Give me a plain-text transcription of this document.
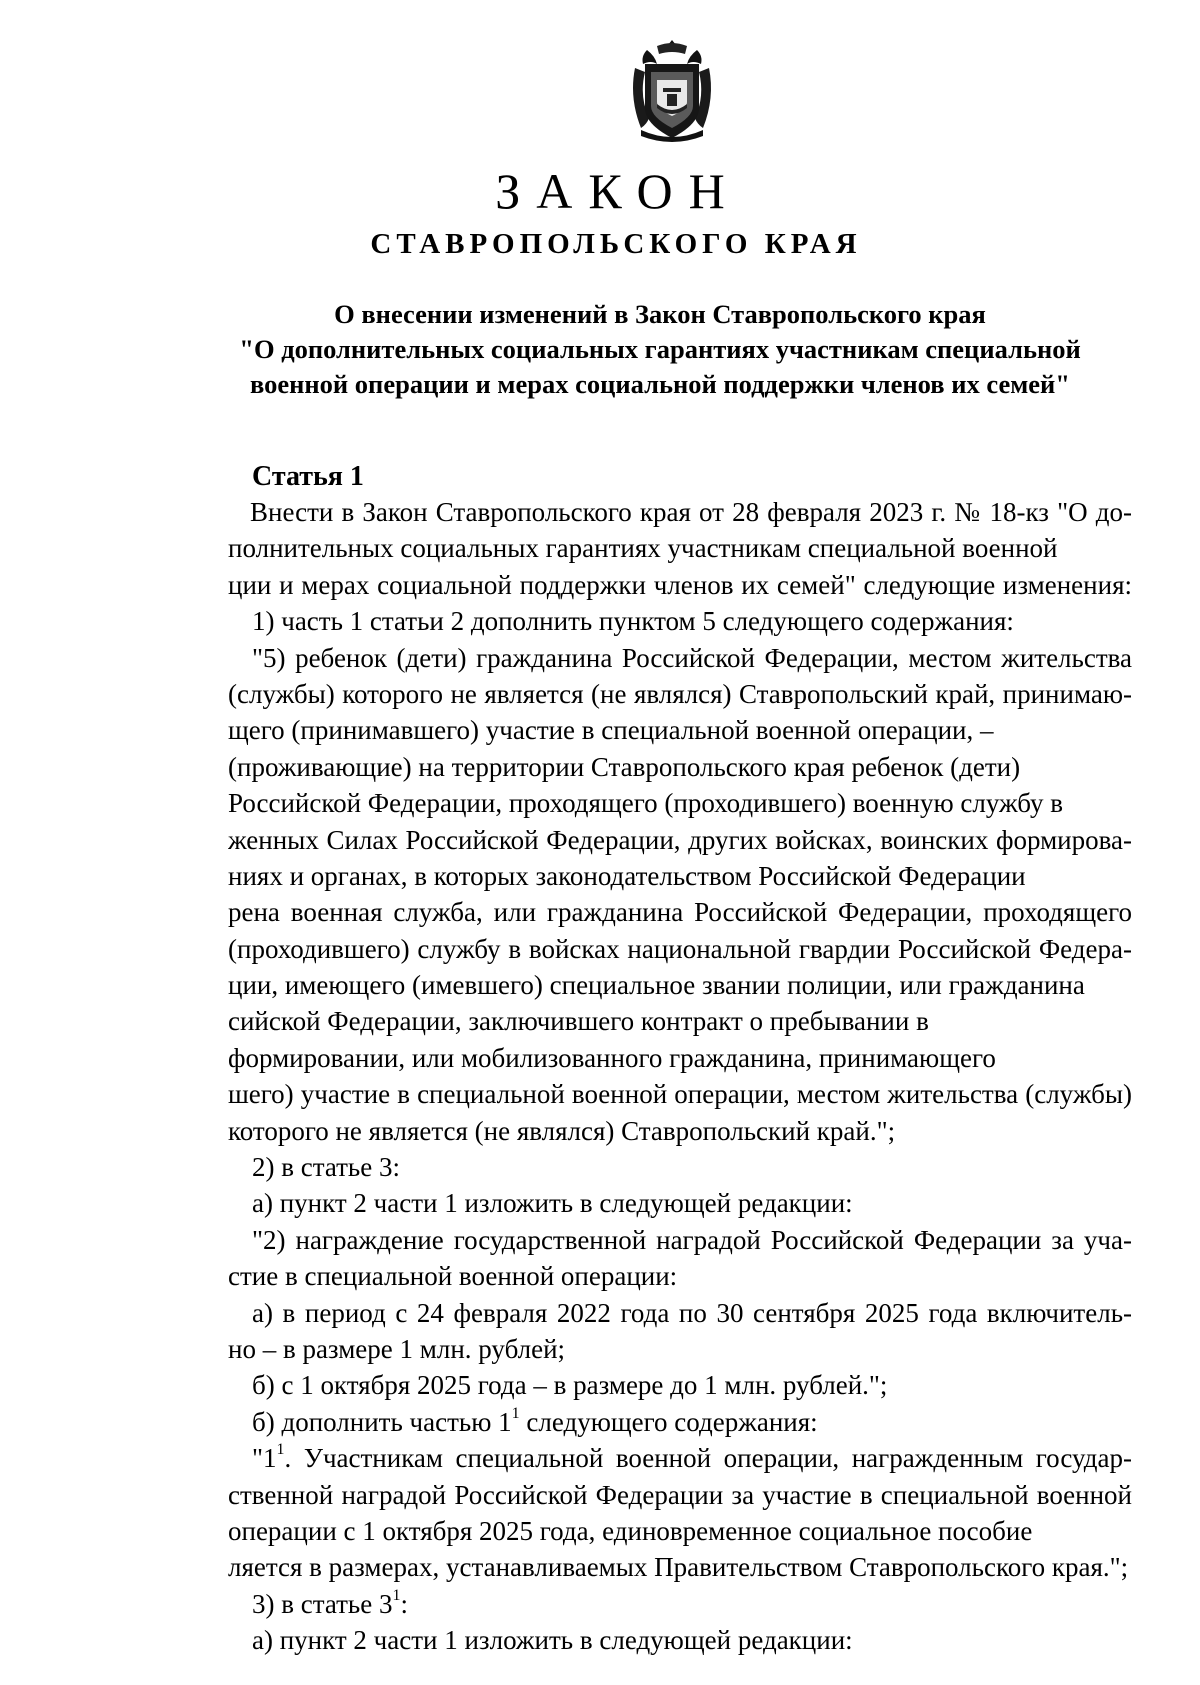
ЗАКОН
СТАВРОПОЛЬСКОГО КРАЯ
О внесении изменений в Закон Ставропольского края
"О дополнительных социальных гарантиях участникам специальной
военной операции и мерах социальной поддержки членов их семей"
Статья 1
Внести в Закон Ставропольского края от 28 февраля 2023 г. № 18-кз "О до-
полнительных социальных гарантиях участникам специальной военной
ции и мерах социальной поддержки членов их семей" следующие изменения:
1) часть 1 статьи 2 дополнить пунктом 5 следующего содержания:
"5) ребенок (дети) гражданина Российской Федерации, местом жительства
(службы) которого не является (не являлся) Ставропольский край, принимаю-
щего (принимавшего) участие в специальной военной операции, –
(проживающие) на территории Ставропольского края ребенок (дети)
Российской Федерации, проходящего (проходившего) военную службу в
женных Силах Российской Федерации, других войсках, воинских формирова-
ниях и органах, в которых законодательством Российской Федерации
рена военная служба, или гражданина Российской Федерации, проходящего
(проходившего) службу в войсках национальной гвардии Российской Федера-
ции, имеющего (имевшего) специальное звании полиции, или гражданина
сийской Федерации, заключившего контракт о пребывании в
формировании, или мобилизованного гражданина, принимающего
шего) участие в специальной военной операции, местом жительства (службы)
которого не является (не являлся) Ставропольский край.";
2) в статье 3:
а) пункт 2 части 1 изложить в следующей редакции:
"2) награждение государственной наградой Российской Федерации за уча-
стие в специальной военной операции:
а) в период с 24 февраля 2022 года по 30 сентября 2025 года включитель-
но – в размере 1 млн. рублей;
б) с 1 октября 2025 года – в размере до 1 млн. рублей.";
б) дополнить частью $1^1$ следующего содержания:
"$1^1$. Участникам специальной военной операции, награжденным государ-
ственной наградой Российской Федерации за участие в специальной военной
операции с 1 октября 2025 года, единовременное социальное пособие
ляется в размерах, устанавливаемых Правительством Ставропольского края.";
3) в статье $3^1$:
а) пункт 2 части 1 изложить в следующей редакции:
